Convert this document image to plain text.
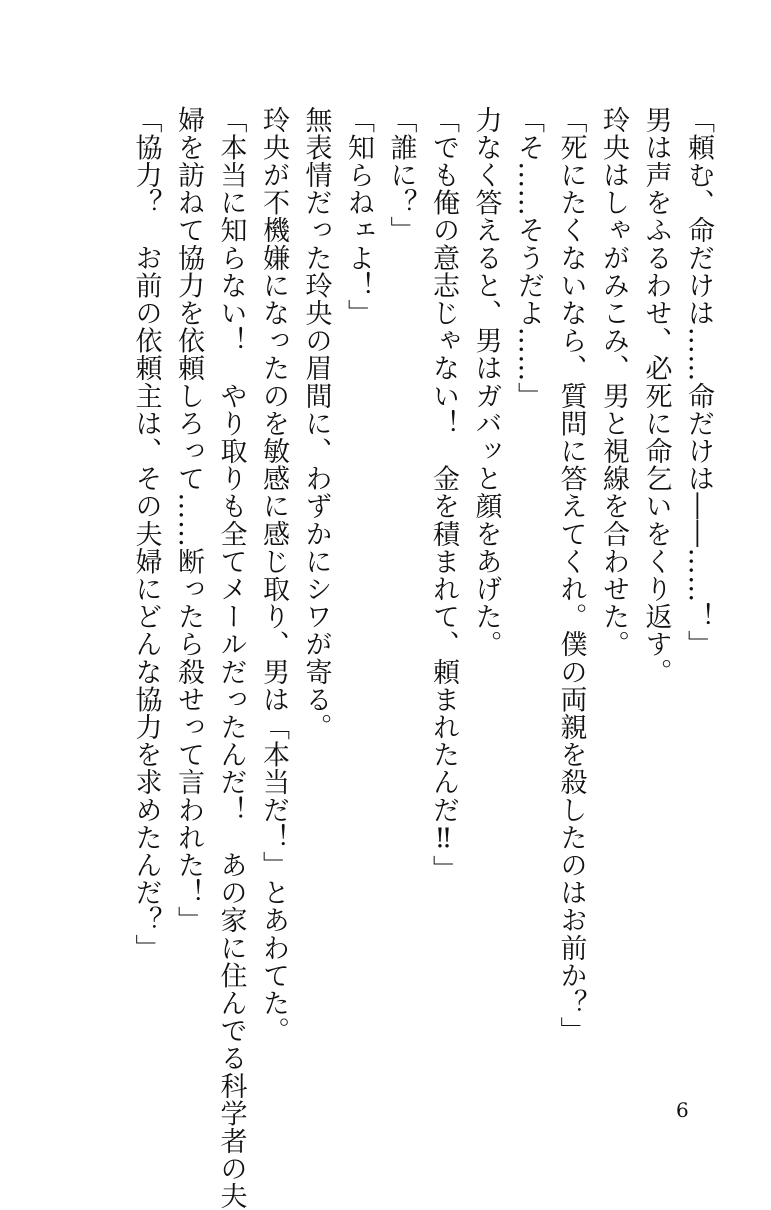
「頼む、命だけは……命だけは――……！」
男は声をふるわせ、必死に命乞いをくり返す。
玲央はしゃがみこみ、男と視線を合わせた。
「死にたくないなら、質問に答えてくれ。僕の両親を殺したのはお前か？」
「そ……そうだよ……」
力なく答えると、男はガバッと顔をあげた。
「でも俺の意志じゃない！　金を積まれて、頼まれたんだ‼」
「誰に？」
「知らねェよ！」
無表情だった玲央の眉間に、わずかにシワが寄る。
玲央が不機嫌になったのを敏感に感じ取り、男は「本当だ！」とあわてた。
「本当に知らない！　やり取りも全てメールだったんだ！　あの家に住んでる科学者の夫
婦を訪ねて協力を依頼しろって……断ったら殺せって言われた！」
「協力？　お前の依頼主は、その夫婦にどんな協力を求めたんだ？」
6
